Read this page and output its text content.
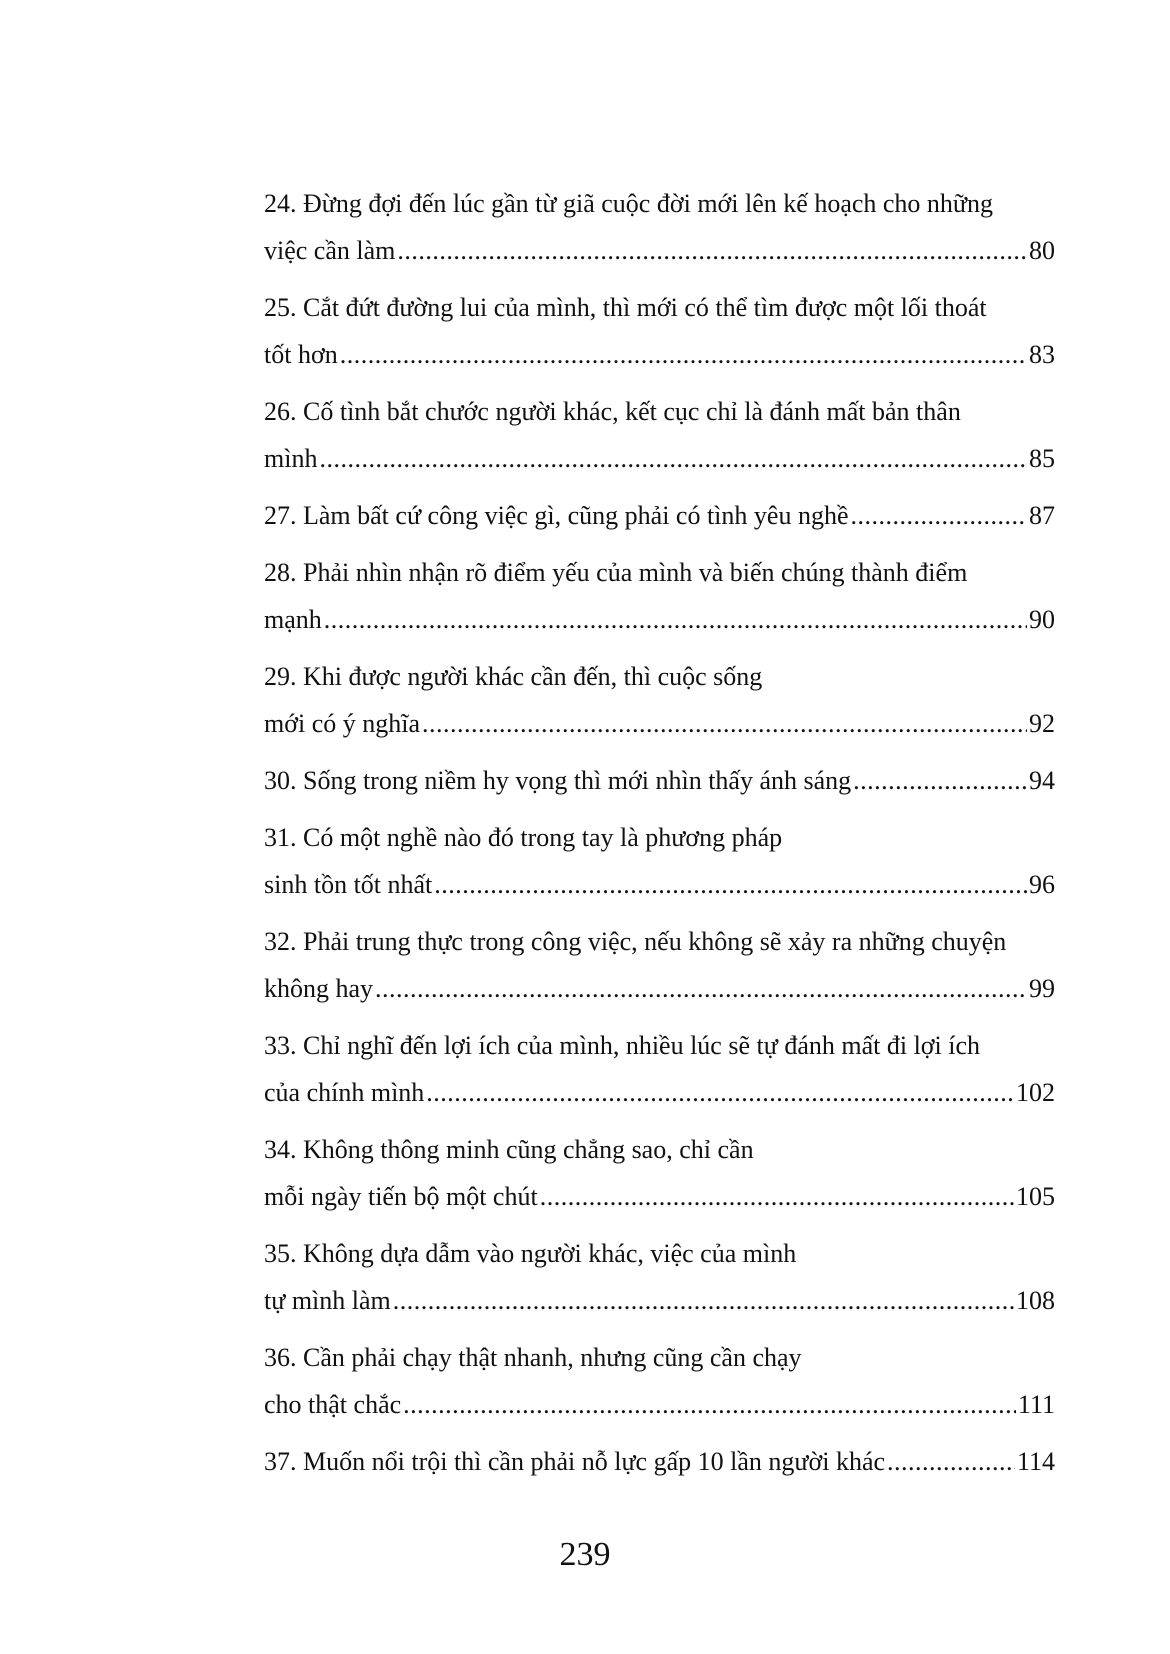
24. Đừng đợi đến lúc gần từ giã cuộc đời mới lên kế hoạch cho những
việc cần làm .....	80
25. Cắt đứt đường lui của mình, thì mới có thể tìm được một lối thoát
tốt hơn .....	83
26. Cố tình bắt chước người khác, kết cục chỉ là đánh mất bản thân
mình .....	85
27. Làm bất cứ công việc gì, cũng phải có tình yêu nghề .....	87
28. Phải nhìn nhận rõ điểm yếu của mình và biến chúng thành điểm
mạnh .....	90
29. Khi được người khác cần đến, thì cuộc sống
mới có ý nghĩa .....	92
30. Sống trong niềm hy vọng thì mới nhìn thấy ánh sáng .....	94
31. Có một nghề nào đó trong tay là phương pháp
sinh tồn tốt nhất .....	96
32. Phải trung thực trong công việc, nếu không sẽ xảy ra những chuyện
không hay .....	99
33. Chỉ nghĩ đến lợi ích của mình, nhiều lúc sẽ tự đánh mất đi lợi ích
của chính mình .....	102
34. Không thông minh cũng chẳng sao, chỉ cần
mỗi ngày tiến bộ một chút .....	105
35. Không dựa dẫm vào người khác, việc của mình
tự mình làm .....	108
36. Cần phải chạy thật nhanh, nhưng cũng cần chạy
cho thật chắc .....	111
37. Muốn nổi trội thì cần phải nỗ lực gấp 10 lần người khác .....	114
239
